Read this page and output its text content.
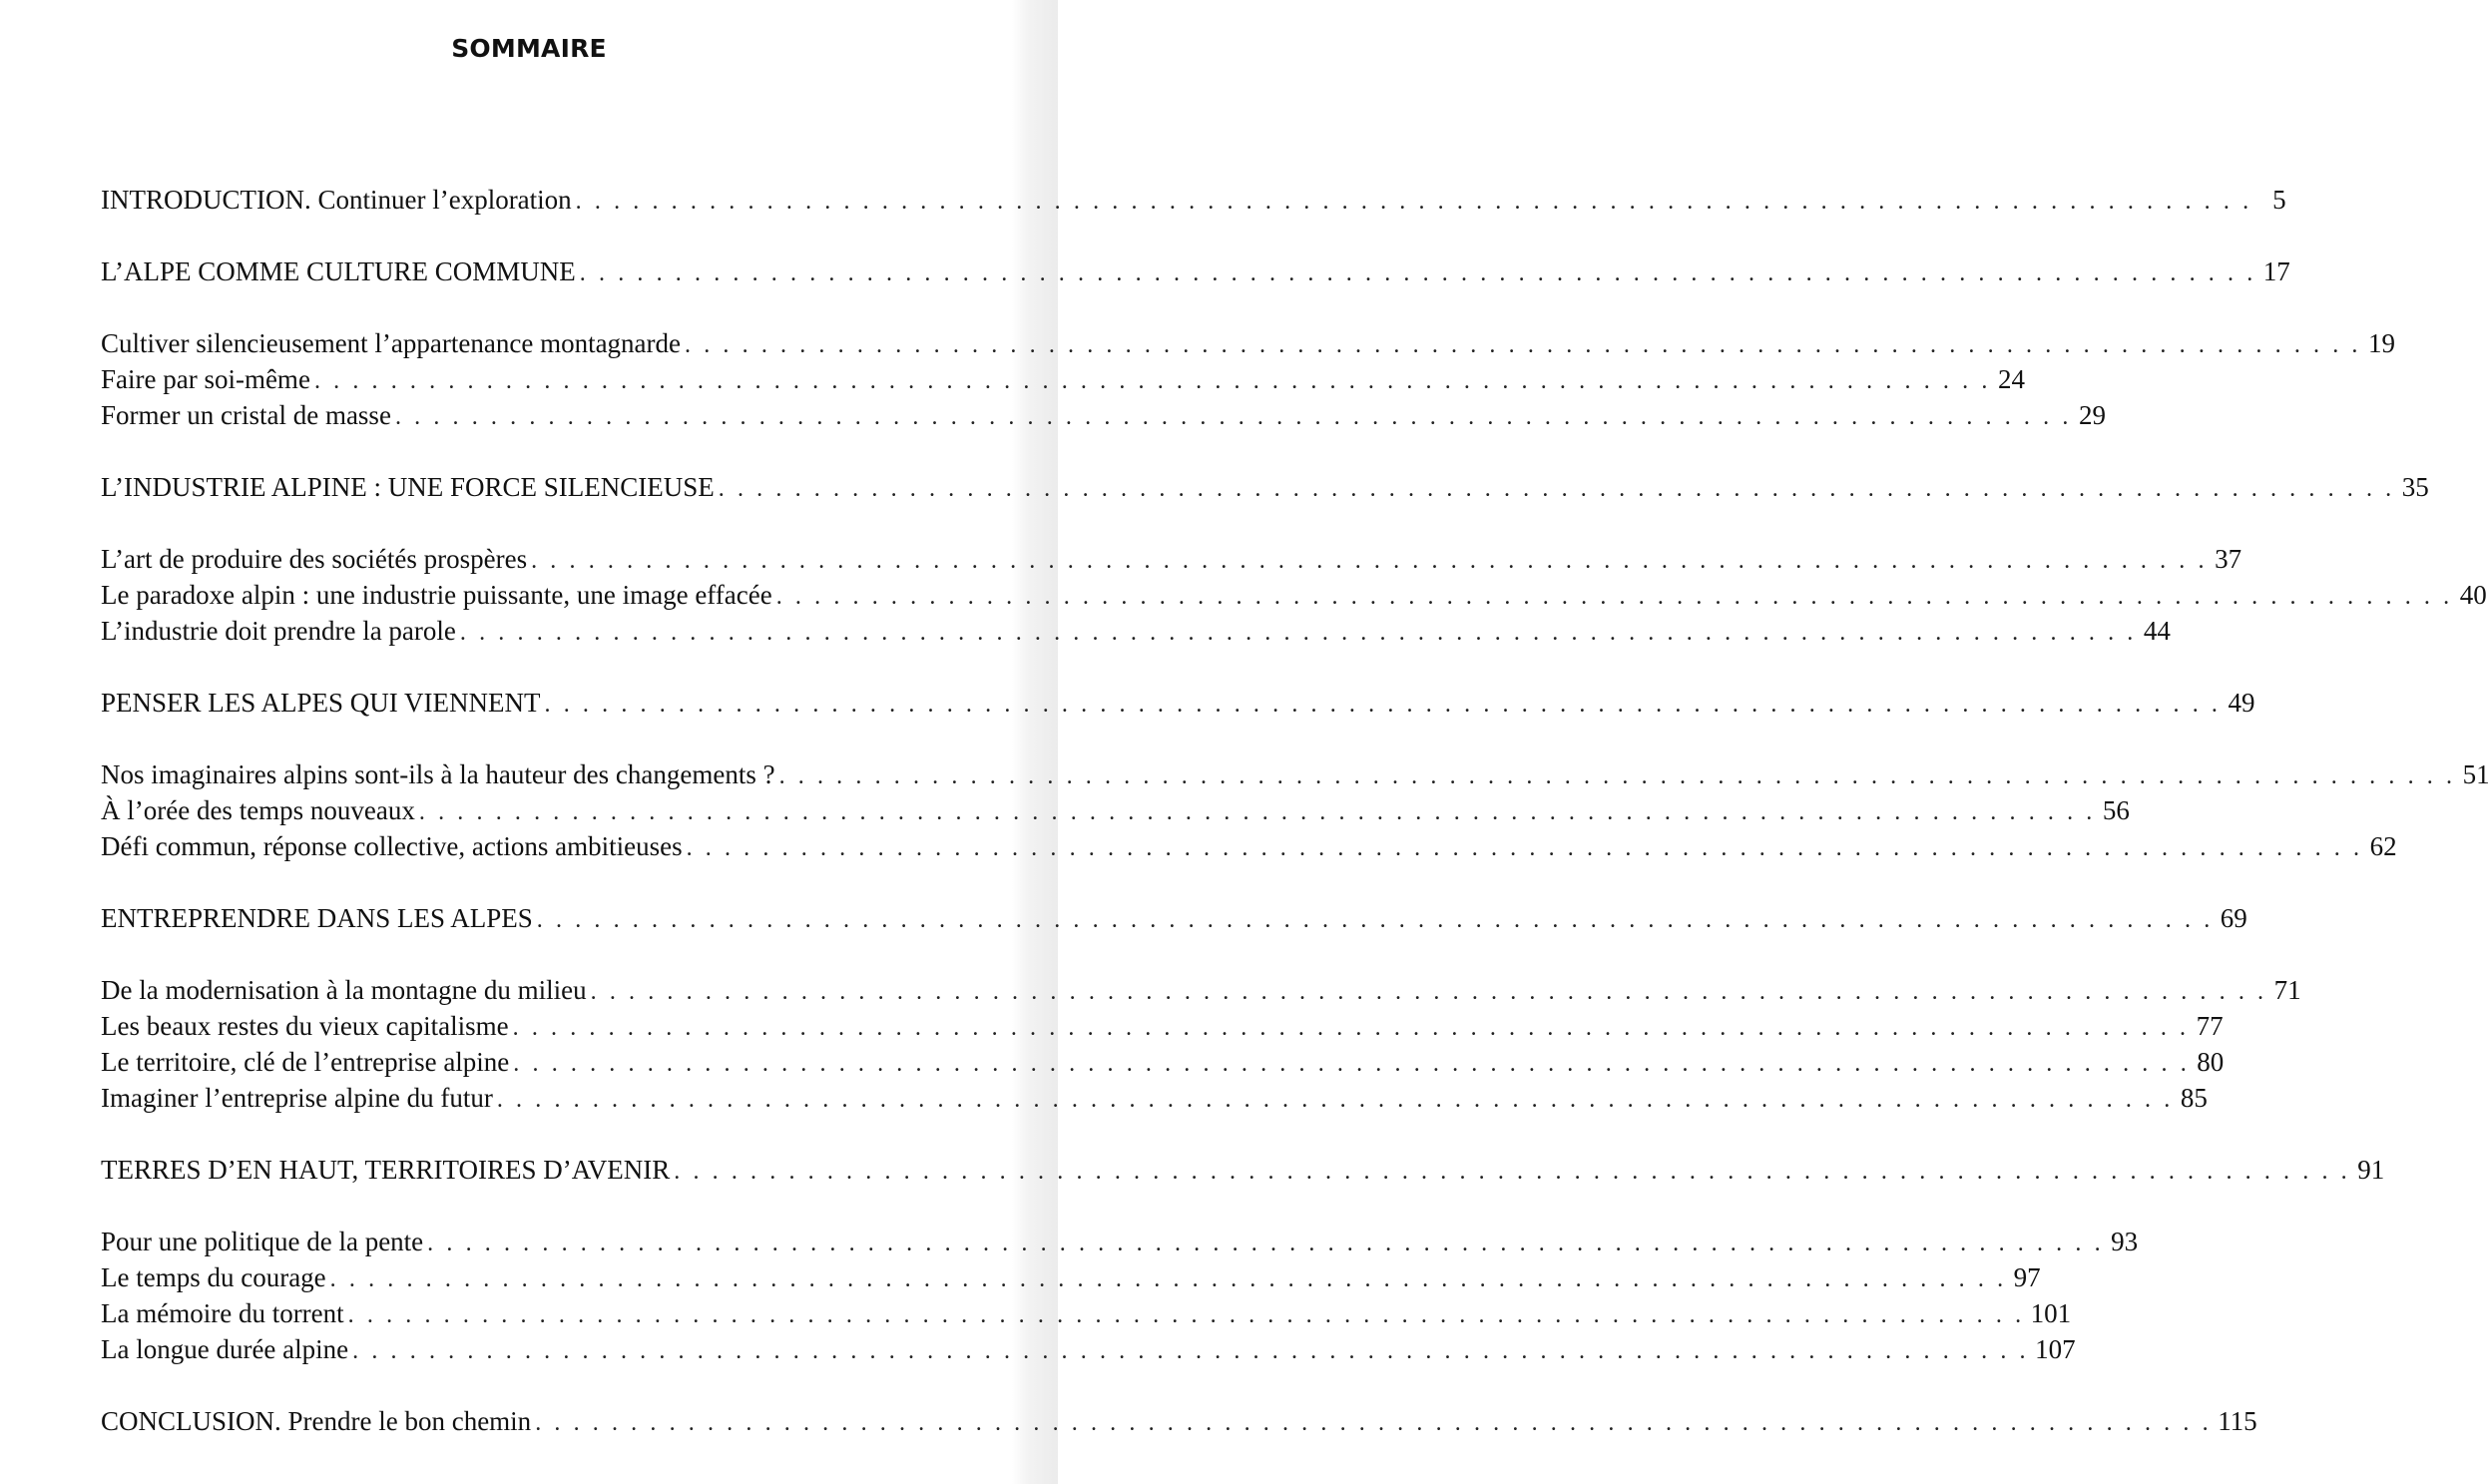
SOMMAIRE
INTRODUCTION. Continuer l’exploration . . . . . . . . . . . . . . . . . . . . . . . . . . . . . . . . . . . . . . . . . . . . . . . . . . . . . . . . . . . . . . . . . . . . . . . . . . . . . . . . . . . . . . . . 5
L’ALPE COMME CULTURE COMMUNE . . . . . . . . . . . . . . . . . . . . . . . . . . . . . . . . . . . . . . . . . . . . . . . . . . . . . . . . . . . . . . . . . . . . . . . . . . . . . . . . . . . . . . . . 17
Cultiver silencieusement l’appartenance montagnarde . . . . . . . . . . . . . . . . . . . . . . . . . . . . . . . . . . . . . . . . . . . . . . . . . . . . . . . . . . . . . . . . . . . . . . . . . . . . . . . . . . . . . . . . 19
Faire par soi-même . . . . . . . . . . . . . . . . . . . . . . . . . . . . . . . . . . . . . . . . . . . . . . . . . . . . . . . . . . . . . . . . . . . . . . . . . . . . . . . . . . . . . . . . 24
Former un cristal de masse . . . . . . . . . . . . . . . . . . . . . . . . . . . . . . . . . . . . . . . . . . . . . . . . . . . . . . . . . . . . . . . . . . . . . . . . . . . . . . . . . . . . . . . . 29
L’INDUSTRIE ALPINE : UNE FORCE SILENCIEUSE . . . . . . . . . . . . . . . . . . . . . . . . . . . . . . . . . . . . . . . . . . . . . . . . . . . . . . . . . . . . . . . . . . . . . . . . . . . . . . . . . . . . . . . . 35
L’art de produire des sociétés prospères . . . . . . . . . . . . . . . . . . . . . . . . . . . . . . . . . . . . . . . . . . . . . . . . . . . . . . . . . . . . . . . . . . . . . . . . . . . . . . . . . . . . . . . . 37
Le paradoxe alpin : une industrie puissante, une image effacée . . . . . . . . . . . . . . . . . . . . . . . . . . . . . . . . . . . . . . . . . . . . . . . . . . . . . . . . . . . . . . . . . . . . . . . . . . . . . . . . . . . . . . . . 40
L’industrie doit prendre la parole . . . . . . . . . . . . . . . . . . . . . . . . . . . . . . . . . . . . . . . . . . . . . . . . . . . . . . . . . . . . . . . . . . . . . . . . . . . . . . . . . . . . . . . . 44
PENSER LES ALPES QUI VIENNENT . . . . . . . . . . . . . . . . . . . . . . . . . . . . . . . . . . . . . . . . . . . . . . . . . . . . . . . . . . . . . . . . . . . . . . . . . . . . . . . . . . . . . . . . 49
Nos imaginaires alpins sont-ils à la hauteur des changements ? . . . . . . . . . . . . . . . . . . . . . . . . . . . . . . . . . . . . . . . . . . . . . . . . . . . . . . . . . . . . . . . . . . . . . . . . . . . . . . . . . . . . . . . . 51
À l’orée des temps nouveaux . . . . . . . . . . . . . . . . . . . . . . . . . . . . . . . . . . . . . . . . . . . . . . . . . . . . . . . . . . . . . . . . . . . . . . . . . . . . . . . . . . . . . . . . 56
Défi commun, réponse collective, actions ambitieuses . . . . . . . . . . . . . . . . . . . . . . . . . . . . . . . . . . . . . . . . . . . . . . . . . . . . . . . . . . . . . . . . . . . . . . . . . . . . . . . . . . . . . . . . 62
ENTREPRENDRE DANS LES ALPES . . . . . . . . . . . . . . . . . . . . . . . . . . . . . . . . . . . . . . . . . . . . . . . . . . . . . . . . . . . . . . . . . . . . . . . . . . . . . . . . . . . . . . . . 69
De la modernisation à la montagne du milieu . . . . . . . . . . . . . . . . . . . . . . . . . . . . . . . . . . . . . . . . . . . . . . . . . . . . . . . . . . . . . . . . . . . . . . . . . . . . . . . . . . . . . . . . 71
Les beaux restes du vieux capitalisme . . . . . . . . . . . . . . . . . . . . . . . . . . . . . . . . . . . . . . . . . . . . . . . . . . . . . . . . . . . . . . . . . . . . . . . . . . . . . . . . . . . . . . . . 77
Le territoire, clé de l’entreprise alpine . . . . . . . . . . . . . . . . . . . . . . . . . . . . . . . . . . . . . . . . . . . . . . . . . . . . . . . . . . . . . . . . . . . . . . . . . . . . . . . . . . . . . . . . 80
Imaginer l’entreprise alpine du futur . . . . . . . . . . . . . . . . . . . . . . . . . . . . . . . . . . . . . . . . . . . . . . . . . . . . . . . . . . . . . . . . . . . . . . . . . . . . . . . . . . . . . . . . 85
TERRES D’EN HAUT, TERRITOIRES D’AVENIR . . . . . . . . . . . . . . . . . . . . . . . . . . . . . . . . . . . . . . . . . . . . . . . . . . . . . . . . . . . . . . . . . . . . . . . . . . . . . . . . . . . . . . . . 91
Pour une politique de la pente . . . . . . . . . . . . . . . . . . . . . . . . . . . . . . . . . . . . . . . . . . . . . . . . . . . . . . . . . . . . . . . . . . . . . . . . . . . . . . . . . . . . . . . . 93
Le temps du courage . . . . . . . . . . . . . . . . . . . . . . . . . . . . . . . . . . . . . . . . . . . . . . . . . . . . . . . . . . . . . . . . . . . . . . . . . . . . . . . . . . . . . . . . 97
La mémoire du torrent . . . . . . . . . . . . . . . . . . . . . . . . . . . . . . . . . . . . . . . . . . . . . . . . . . . . . . . . . . . . . . . . . . . . . . . . . . . . . . . . . . . . . . . . 101
La longue durée alpine . . . . . . . . . . . . . . . . . . . . . . . . . . . . . . . . . . . . . . . . . . . . . . . . . . . . . . . . . . . . . . . . . . . . . . . . . . . . . . . . . . . . . . . . 107
CONCLUSION. Prendre le bon chemin . . . . . . . . . . . . . . . . . . . . . . . . . . . . . . . . . . . . . . . . . . . . . . . . . . . . . . . . . . . . . . . . . . . . . . . . . . . . . . . . . . . . . . . . 115
